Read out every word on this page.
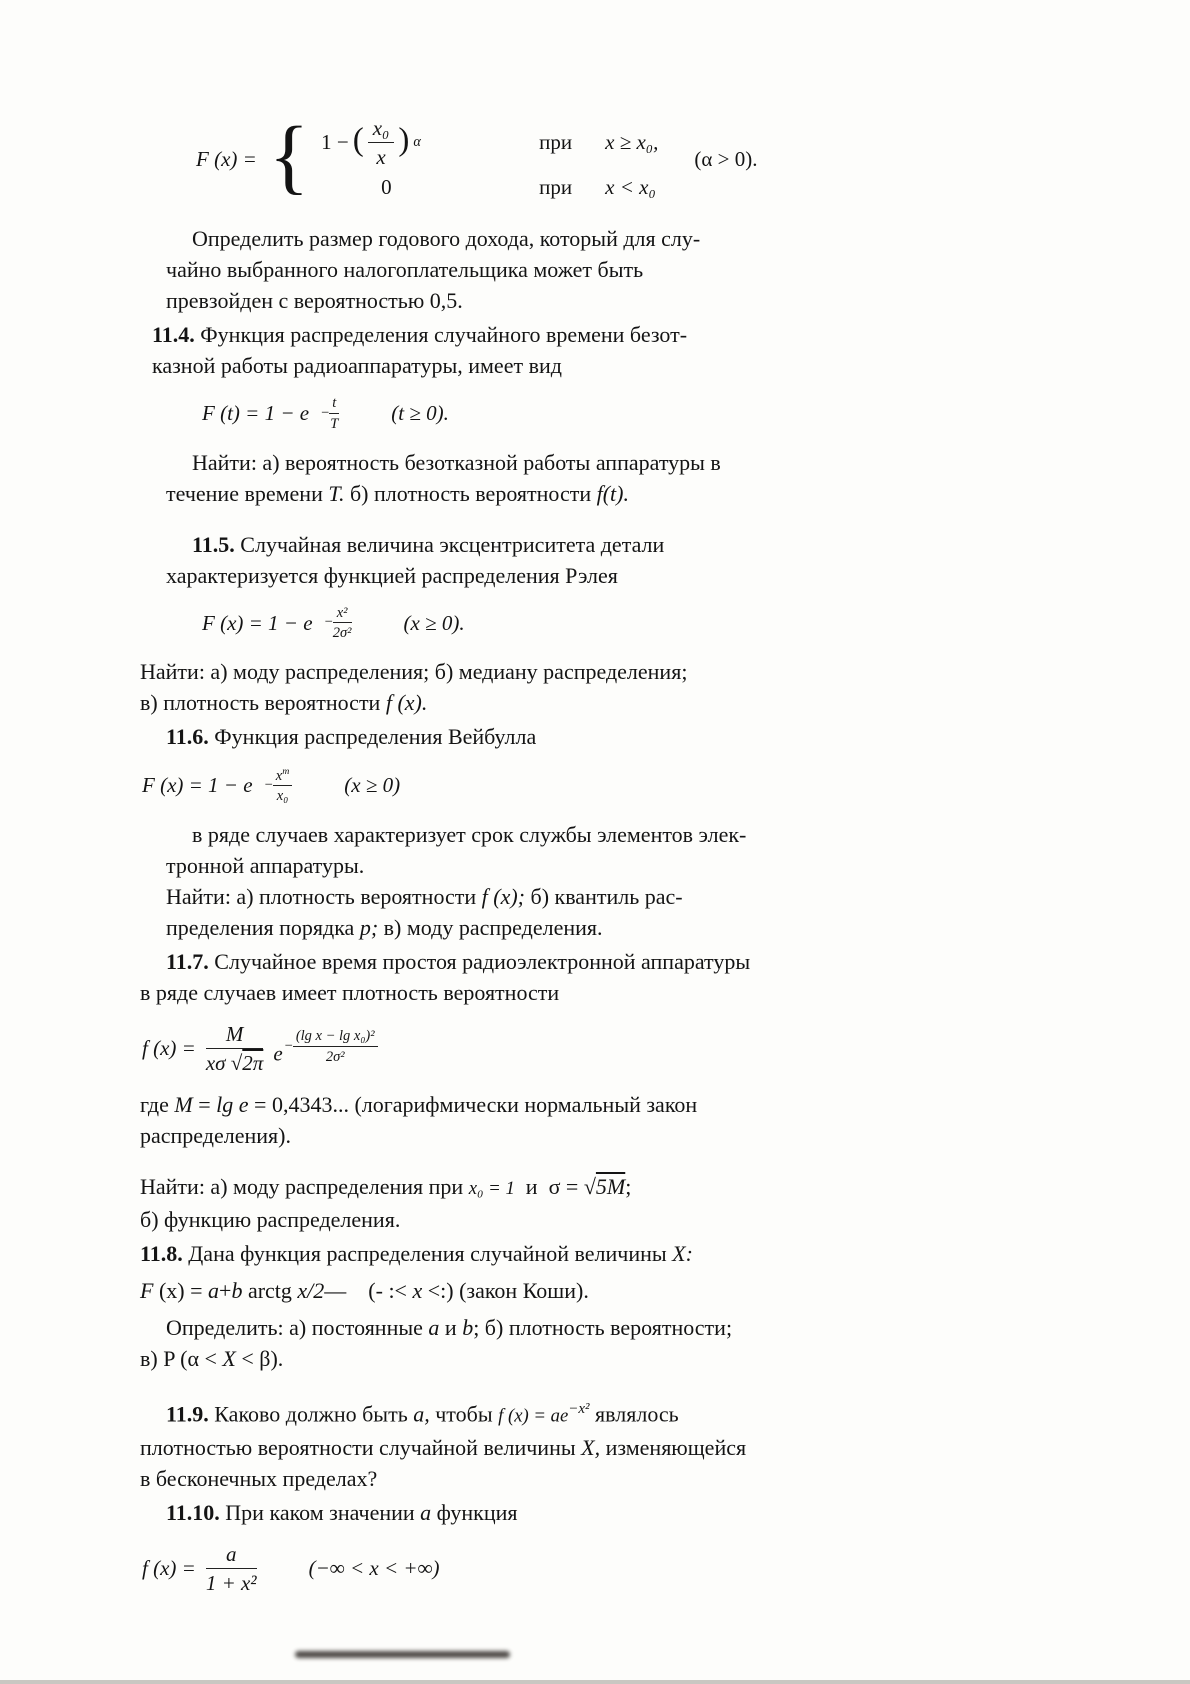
F (x) = { 1 − ( $\frac{\text{x₀}}{x}$ ) α	при	x ≥ x₀,
0	при	x < x₀
(α > 0).

Определить размер годового дохода, который для слу-
чайно выбранного налогоплательщика может быть
превзойден с вероятностью 0,5.

11.4. Функция распределения случайного времени безот-
казной работы радиоаппаратуры, имеет вид

F $(t) = 1 - e - \frac{t}{T} (t \ge 0)$.

Найти: а) вероятность безотказной работы аппаратуры в
течение времени T. б) плотность вероятности f(t).

11.5. Случайная величина эксцентриситета детали
характеризуется функцией распределения Рэлея

F $(x) = 1 - e - \frac{\text{x²}}{\text{2σ²}} (x \ge 0)$.

Найти: а) моду распределения; б) медиану распределения;
в) плотность вероятности f (x).

11.6. Функция распределения Вейбулла

F $(x) = 1 - e - \frac{x^m}{\text{x₀}} (x \ge 0)$

в ряде случаев характеризует срок службы элементов элек-
тронной аппаратуры.
Найти: а) плотность вероятности f (x); б) квантиль рас-
пределения порядка p; в) моду распределения.

11.7. Случайное время простоя радиоэлектронной аппаратуры
в ряде случаев имеет плотность вероятности

f $(x) = \frac{M}{x\sigma √2\pi}$ $e - \frac{\text{(lg x − lg x₀)²}}{\text{2σ²}}$

где M = lg e = 0,4343... (логарифмически нормальный закон
распределения).

Найти: а) моду распределения при x₀ = 1  и  σ = √5M;
б) функцию распределения.

11.8. Дана функция распределения случайной величины X:

F (x) = a+b arctg x/2—    (- :< x <:) (закон Коши).

Определить: а) постоянные a и b; б) плотность вероятности;
в) P (α < X < β).

11.9. Каково должно быть a, чтобы f $(x) = ae^{-x^2}$ являлось
плотностью вероятности случайной величины X, изменяющейся
в бесконечных пределах?

11.10. При каком значении a функция

f $(x) = \frac{a}{\text{1 + x²}}$ (−∞ < x < +∞)
